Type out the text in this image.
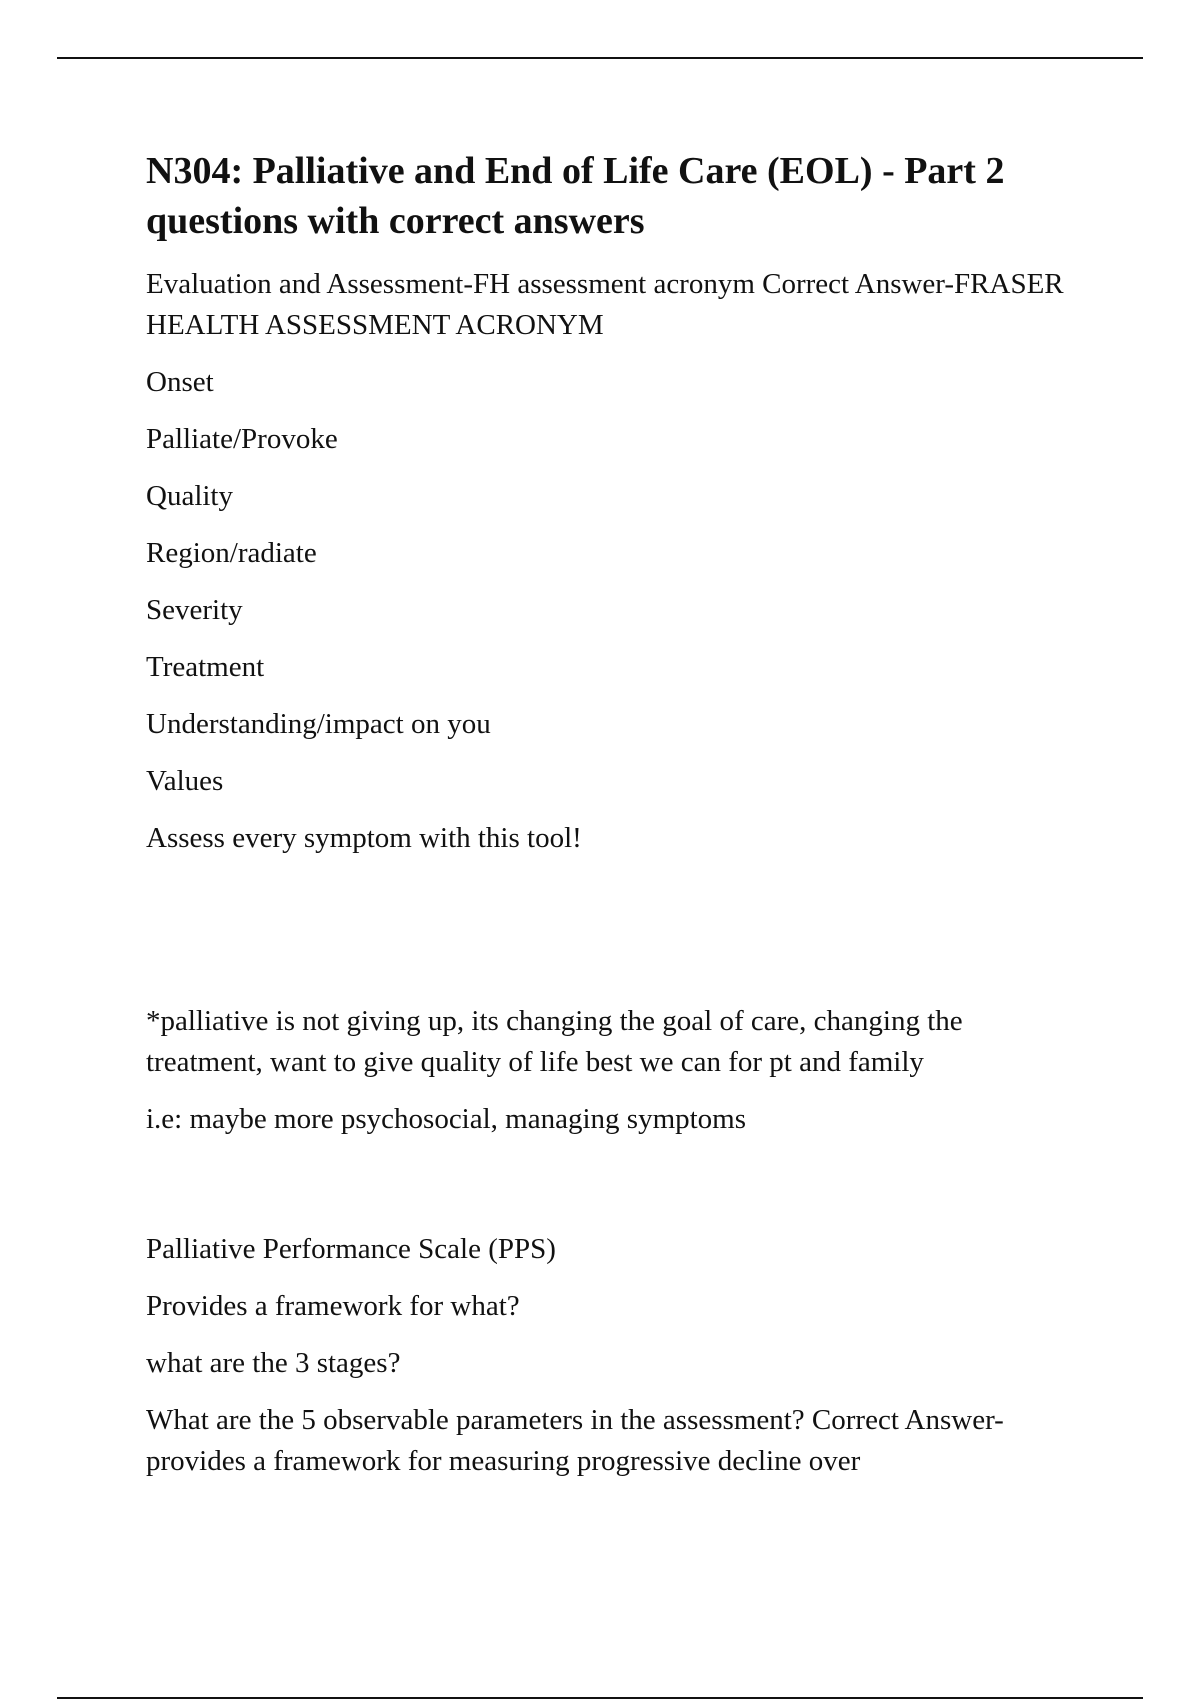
N304: Palliative and End of Life Care (EOL) - Part 2 questions with correct answers

Evaluation and Assessment-FH assessment acronym Correct Answer-FRASER HEALTH ASSESSMENT ACRONYM

Onset

Palliate/Provoke

Quality

Region/radiate

Severity

Treatment

Understanding/impact on you

Values

Assess every symptom with this tool!

*palliative is not giving up, its changing the goal of care, changing the treatment, want to give quality of life best we can for pt and family

i.e: maybe more psychosocial, managing symptoms

Palliative Performance Scale (PPS)

Provides a framework for what?

what are the 3 stages?

What are the 5 observable parameters in the assessment? Correct Answer-provides a framework for measuring progressive decline over
